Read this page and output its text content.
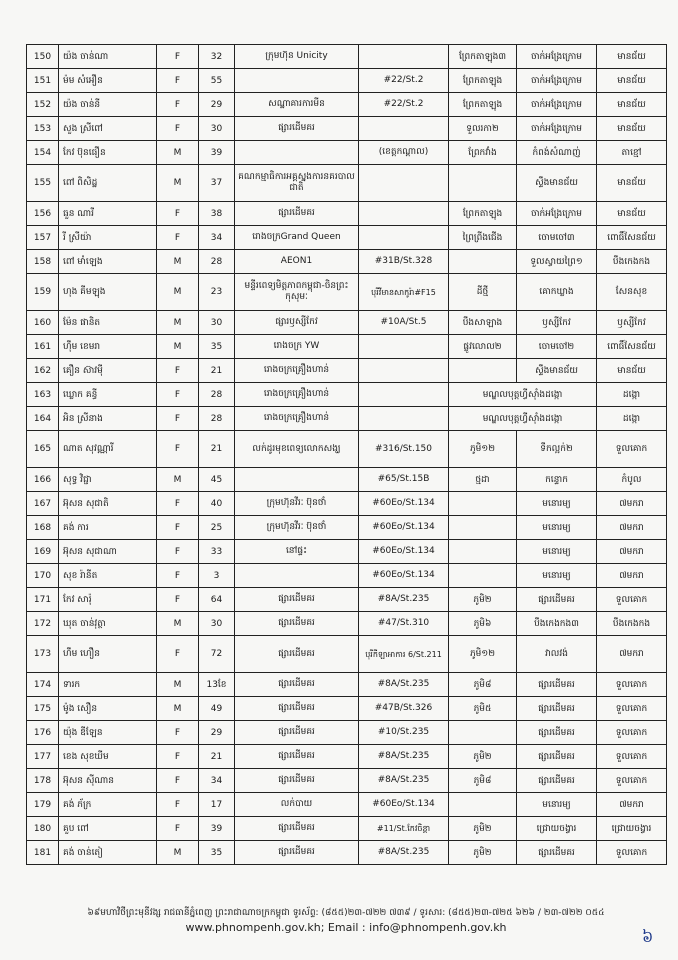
150	យ៉ង ចាន់ណា	F	32	ក្រុមហ៊ុន Unicity		ព្រែកតាឡុង៣	ចាក់អង្រែក្រោម	មានជ័យ
151	ម៉ម សំអឿន	F	55		#22/St.2	ព្រែកតាឡុង	ចាក់អង្រែក្រោម	មានជ័យ
152	យ៉ង ចាន់នី	F	29	សណ្ឋាគារការមីន	#22/St.2	ព្រែកតាឡុង	ចាក់អង្រែក្រោម	មានជ័យ
153	សួង ស្រីពៅ	F	30	ផ្សារដើមគរ		ទួលរកា២	ចាក់អង្រែក្រោម	មានជ័យ
154	កែវ ប៊ុនធឿន	M	39		(ខេត្តកណ្ដាល)	ព្រែកវាំង	កំពង់សំណាញ់	តាខ្មៅ
155	ពៅ ពិសិដ្ឋ	M	37	គណកម្មាធិការអគ្គស្នងការនគរបាលជាតិ			ស្ទឹងមានជ័យ	មានជ័យ
156	ធួន ណារី	F	38	ផ្សារដើមគរ		ព្រែកតាឡុង	ចាក់អង្រែក្រោម	មានជ័យ
157	រី ស្រីយ៉ា	F	34	រោងចក្រGrand Queen		ព្រៃព្រីងជើង	ចោមចៅ៣	ពោធិ៍សែនជ័យ
158	ពៅ មាំឡេង	M	28	AEON1	#31B/St.328		ទួលស្វាយព្រៃ១	បឹងកេងកង
159	ហុង គីមឡុង	M	23	មន្ទីរពេទ្យមិត្តភាពកម្ពុជា-ចិនព្រះកុសុមៈ	បុរីវីមានសាកូរ៉ា#F15	ដីថ្មី	គោកឃ្លាង	សែនសុខ
160	ម៉ែន ផានិត	M	30	ផ្សារឫស្សីកែវ	#10A/St.5	បឹងសាឡាង	ឫស្សីកែវ	ឫស្សីកែវ
161	ហ៊ឹម ខេមរា	M	35	រោងចក្រ YW		ផ្លូវលោល២	ចោមចៅ២	ពោធិ៍សែនជ័យ
162	គឿន ស៊ាវម៉ី	F	21	រោងចក្រគ្រឿងហាន់			ស្ទឹងមានជ័យ	មានជ័យ
163	ឃ្លោក គន្ធី	F	28	រោងចក្រគ្រឿងហាន់		មណ្ឌលបុត្តហ្វីស៊ាំងដង្កោ		ដង្កោ
164	អិន ស្រីនាង	F	28	រោងចក្រគ្រឿងហាន់		មណ្ឌលបុត្តហ្វីស៊ាំងដង្កោ		ដង្កោ
165	ណាត សុវណ្ណារី	F	21	លក់ដូរមុខពេទ្យលោកសង្ឃ	#316/St.150	ភូមិ១២	ទឹកល្អក់២	ទួលគោក
166	សុទ្ធ វិជ្ជា	M	45		#65/St.15B	ថ្មដា	កន្ទោក	កំបូល
167	អ៊ុសន សុជាតិ	F	40	ក្រុមហ៊ុនវីរៈ ប៊ុនថាំ	#60Eo/St.134		មនោរម្យ	៧មករា
168	គង់ ការ	F	25	ក្រុមហ៊ុនវីរៈ ប៊ុនថាំ	#60Eo/St.134		មនោរម្យ	៧មករា
169	អ៊ុសន សុជាណា	F	33	នៅផ្ទះ	#60Eo/St.134		មនោរម្យ	៧មករា
170	សុខ រ៉ានីត	F	3		#60Eo/St.134		មនោរម្យ	៧មករា
171	កែវ សារ៉ុ	F	64	ផ្សារដើមគរ	#8A/St.235	ភូមិ២	ផ្សារដើមគរ	ទួលគោក
172	ឃុត ចាន់វុត្ថា	M	30	ផ្សារដើមគរ	#47/St.310	ភូមិ៦	បឹងកេងកង៣	បឹងកេងកង
173	ហឹម ហឿន	F	72	ផ្សារដើមគរ	បុរីកីឡាអាការ 6/St.211	ភូមិ១២	វាលវង់	៧មករា
174	ទារក	M	13ខែ	ផ្សារដើមគរ	#8A/St.235	ភូមិ៨	ផ្សារដើមគរ	ទួលគោក
175	ម៉ូង សឿន	M	49	ផ្សារដើមគរ	#47B/St.326	ភូមិ៥	ផ្សារដើមគរ	ទួលគោក
176	យ៉ុង ឌីឡែន	F	29	ផ្សារដើមគរ	#10/St.235		ផ្សារដើមគរ	ទួលគោក
177	ខេង សុខឃីម	F	21	ផ្សារដើមគរ	#8A/St.235	ភូមិ២	ផ្សារដើមគរ	ទួលគោក
178	អ៊ុសន ស៊ីណាន	F	34	ផ្សារដើមគរ	#8A/St.235	ភូមិ៨	ផ្សារដើមគរ	ទួលគោក
179	គង់ ភ័ក្រ	F	17	លក់បាយ	#60Eo/St.134		មនោរម្យ	៧មករា
180	គួប ពៅ	F	39	ផ្សារដើមគរ	#11/St.កែវចិន្តា	ភូមិ២	ជ្រោយចង្វារ	ជ្រោយចង្វារ
181	គង់ ចាន់តៀ	M	35	ផ្សារដើមគរ	#8A/St.235	ភូមិ២	ផ្សារដើមគរ	ទួលគោក
៦៩មហាវិថីព្រះមុនីវង្ស រាជធានីភ្នំពេញ ព្រះរាជាណាចក្រកម្ពុជា ទូរស័ព្ទ: (៨៥៥)២៣-៧២២ ៧៣៩ / ទូរសារ: (៨៥៥)២៣-៧២៥ ៦២៦ / ២៣-៧២២ ០៥៤
www.phnompenh.gov.kh; Email : info@phnompenh.gov.kh	៦
